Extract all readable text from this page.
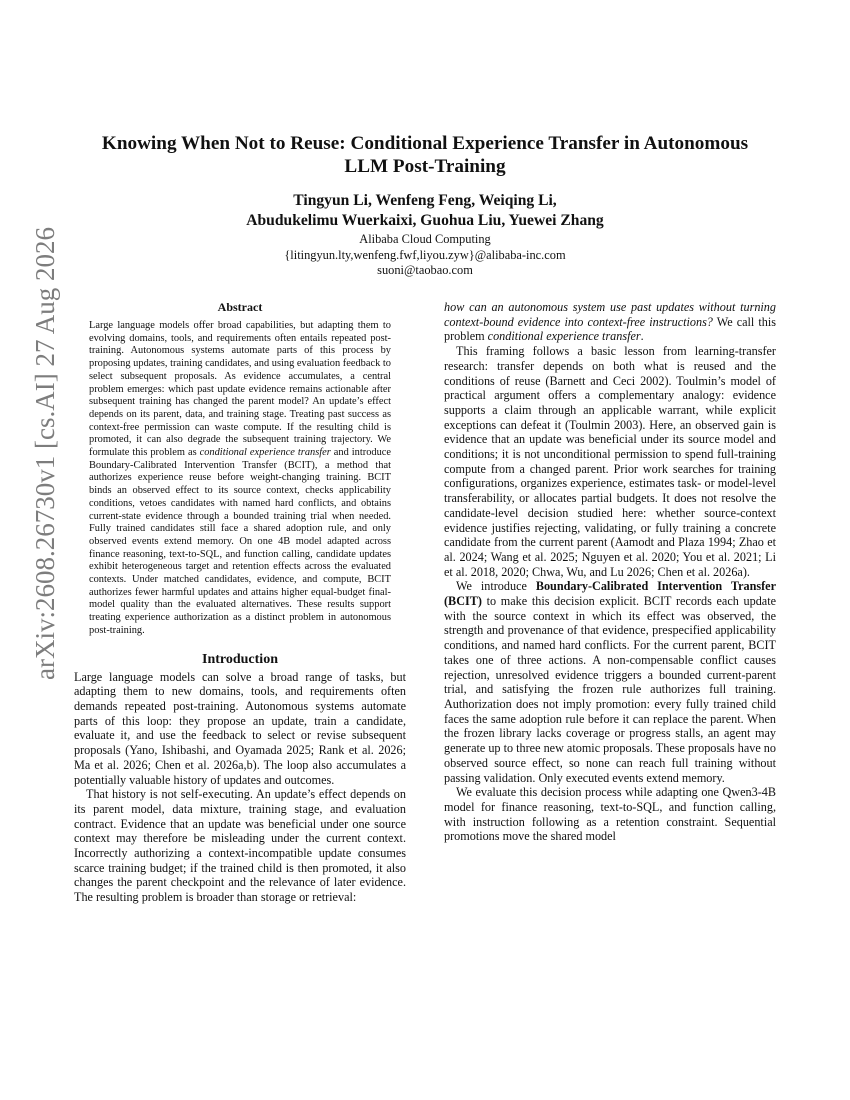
arXiv:2608.26730v1 [cs.AI] 27 Aug 2026
Knowing When Not to Reuse: Conditional Experience Transfer in Autonomous
LLM Post-Training
Tingyun Li, Wenfeng Feng, Weiqing Li,
Abudukelimu Wuerkaixi, Guohua Liu, Yuewei Zhang
Alibaba Cloud Computing
{litingyun.lty,wenfeng.fwf,liyou.zyw}@alibaba-inc.com
suoni@taobao.com
Abstract

Large language models offer broad capabilities, but adapting them to evolving domains, tools, and requirements often entails repeated post-training. Autonomous systems automate parts of this process by proposing updates, training candidates, and using evaluation feedback to select subsequent proposals. As evidence accumulates, a central problem emerges: which past update evidence remains actionable after subsequent training has changed the parent model? An update’s effect depends on its parent, data, and training stage. Treating past success as context-free permission can waste compute. If the resulting child is promoted, it can also degrade the subsequent training trajectory. We formulate this problem as conditional experience transfer and introduce Boundary-Calibrated Intervention Transfer (BCIT), a method that authorizes experience reuse before weight-changing training. BCIT binds an observed effect to its source context, checks applicability conditions, vetoes candidates with named hard conflicts, and obtains current-state evidence through a bounded training trial when needed. Fully trained candidates still face a shared adoption rule, and only observed events extend memory. On one 4B model adapted across finance reasoning, text-to-SQL, and function calling, candidate updates exhibit heterogeneous target and retention effects across the evaluated contexts. Under matched candidates, evidence, and compute, BCIT authorizes fewer harmful updates and attains higher equal-budget final-model quality than the evaluated alternatives. These results support treating experience authorization as a distinct problem in autonomous post-training.

Introduction

Large language models can solve a broad range of tasks, but adapting them to new domains, tools, and requirements often demands repeated post-training. Autonomous systems automate parts of this loop: they propose an update, train a candidate, evaluate it, and use the feedback to select or revise subsequent proposals (Yano, Ishibashi, and Oyamada 2025; Rank et al. 2026; Ma et al. 2026; Chen et al. 2026a,b). The loop also accumulates a potentially valuable history of updates and outcomes.

That history is not self-executing. An update’s effect depends on its parent model, data mixture, training stage, and evaluation contract. Evidence that an update was beneficial under one source context may therefore be misleading under the current context. Incorrectly authorizing a context-incompatible update consumes scarce training budget; if the trained child is then promoted, it also changes the parent checkpoint and the relevance of later evidence. The resulting problem is broader than storage or retrieval:

how can an autonomous system use past updates without turning context-bound evidence into context-free instructions? We call this problem conditional experience transfer.

This framing follows a basic lesson from learning-transfer research: transfer depends on both what is reused and the conditions of reuse (Barnett and Ceci 2002). Toulmin’s model of practical argument offers a complementary analogy: evidence supports a claim through an applicable warrant, while explicit exceptions can defeat it (Toulmin 2003). Here, an observed gain is evidence that an update was beneficial under its source model and conditions; it is not unconditional permission to spend full-training compute from a changed parent. Prior work searches for training configurations, organizes experience, estimates task- or model-level transferability, or allocates partial budgets. It does not resolve the candidate-level decision studied here: whether source-context evidence justifies rejecting, validating, or fully training a concrete candidate from the current parent (Aamodt and Plaza 1994; Zhao et al. 2024; Wang et al. 2025; Nguyen et al. 2020; You et al. 2021; Li et al. 2018, 2020; Chwa, Wu, and Lu 2026; Chen et al. 2026a).

We introduce Boundary-Calibrated Intervention Transfer (BCIT) to make this decision explicit. BCIT records each update with the source context in which its effect was observed, the strength and provenance of that evidence, prespecified applicability conditions, and named hard conflicts. For the current parent, BCIT takes one of three actions. A non-compensable conflict causes rejection, unresolved evidence triggers a bounded current-parent trial, and satisfying the frozen rule authorizes full training. Authorization does not imply promotion: every fully trained child faces the same adoption rule before it can replace the parent. When the frozen library lacks coverage or progress stalls, an agent may generate up to three new atomic proposals. These proposals have no observed source effect, so none can reach full training without passing validation. Only executed events extend memory.

We evaluate this decision process while adapting one Qwen3-4B model for finance reasoning, text-to-SQL, and function calling, with instruction following as a retention constraint. Sequential promotions move the shared model
